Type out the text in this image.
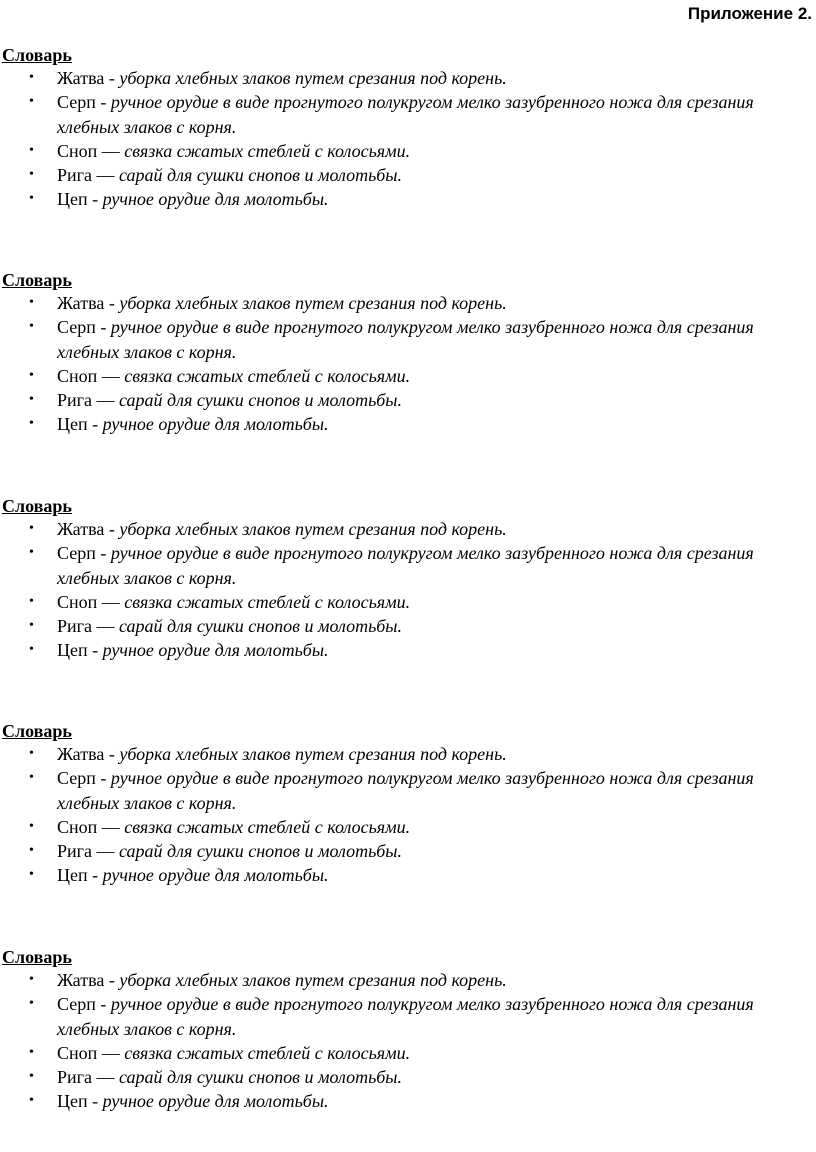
Приложение 2.

Словарь

• Жатва - уборка хлебных злаков путем срезания под корень.
• Серп - ручное орудие в виде прогнутого полукругом мелко зазубренного ножа для срезания хлебных злаков с корня.
• Сноп — связка сжатых стеблей с колосьями.
• Рига — сарай для сушки снопов и молотьбы.
• Цеп - ручное орудие для молотьбы.

Словарь

• Жатва - уборка хлебных злаков путем срезания под корень.
• Серп - ручное орудие в виде прогнутого полукругом мелко зазубренного ножа для срезания хлебных злаков с корня.
• Сноп — связка сжатых стеблей с колосьями.
• Рига — сарай для сушки снопов и молотьбы.
• Цеп - ручное орудие для молотьбы.

Словарь

• Жатва - уборка хлебных злаков путем срезания под корень.
• Серп - ручное орудие в виде прогнутого полукругом мелко зазубренного ножа для срезания хлебных злаков с корня.
• Сноп — связка сжатых стеблей с колосьями.
• Рига — сарай для сушки снопов и молотьбы.
• Цеп - ручное орудие для молотьбы.

Словарь

• Жатва - уборка хлебных злаков путем срезания под корень.
• Серп - ручное орудие в виде прогнутого полукругом мелко зазубренного ножа для срезания хлебных злаков с корня.
• Сноп — связка сжатых стеблей с колосьями.
• Рига — сарай для сушки снопов и молотьбы.
• Цеп - ручное орудие для молотьбы.

Словарь

• Жатва - уборка хлебных злаков путем срезания под корень.
• Серп - ручное орудие в виде прогнутого полукругом мелко зазубренного ножа для срезания хлебных злаков с корня.
• Сноп — связка сжатых стеблей с колосьями.
• Рига — сарай для сушки снопов и молотьбы.
• Цеп - ручное орудие для молотьбы.
